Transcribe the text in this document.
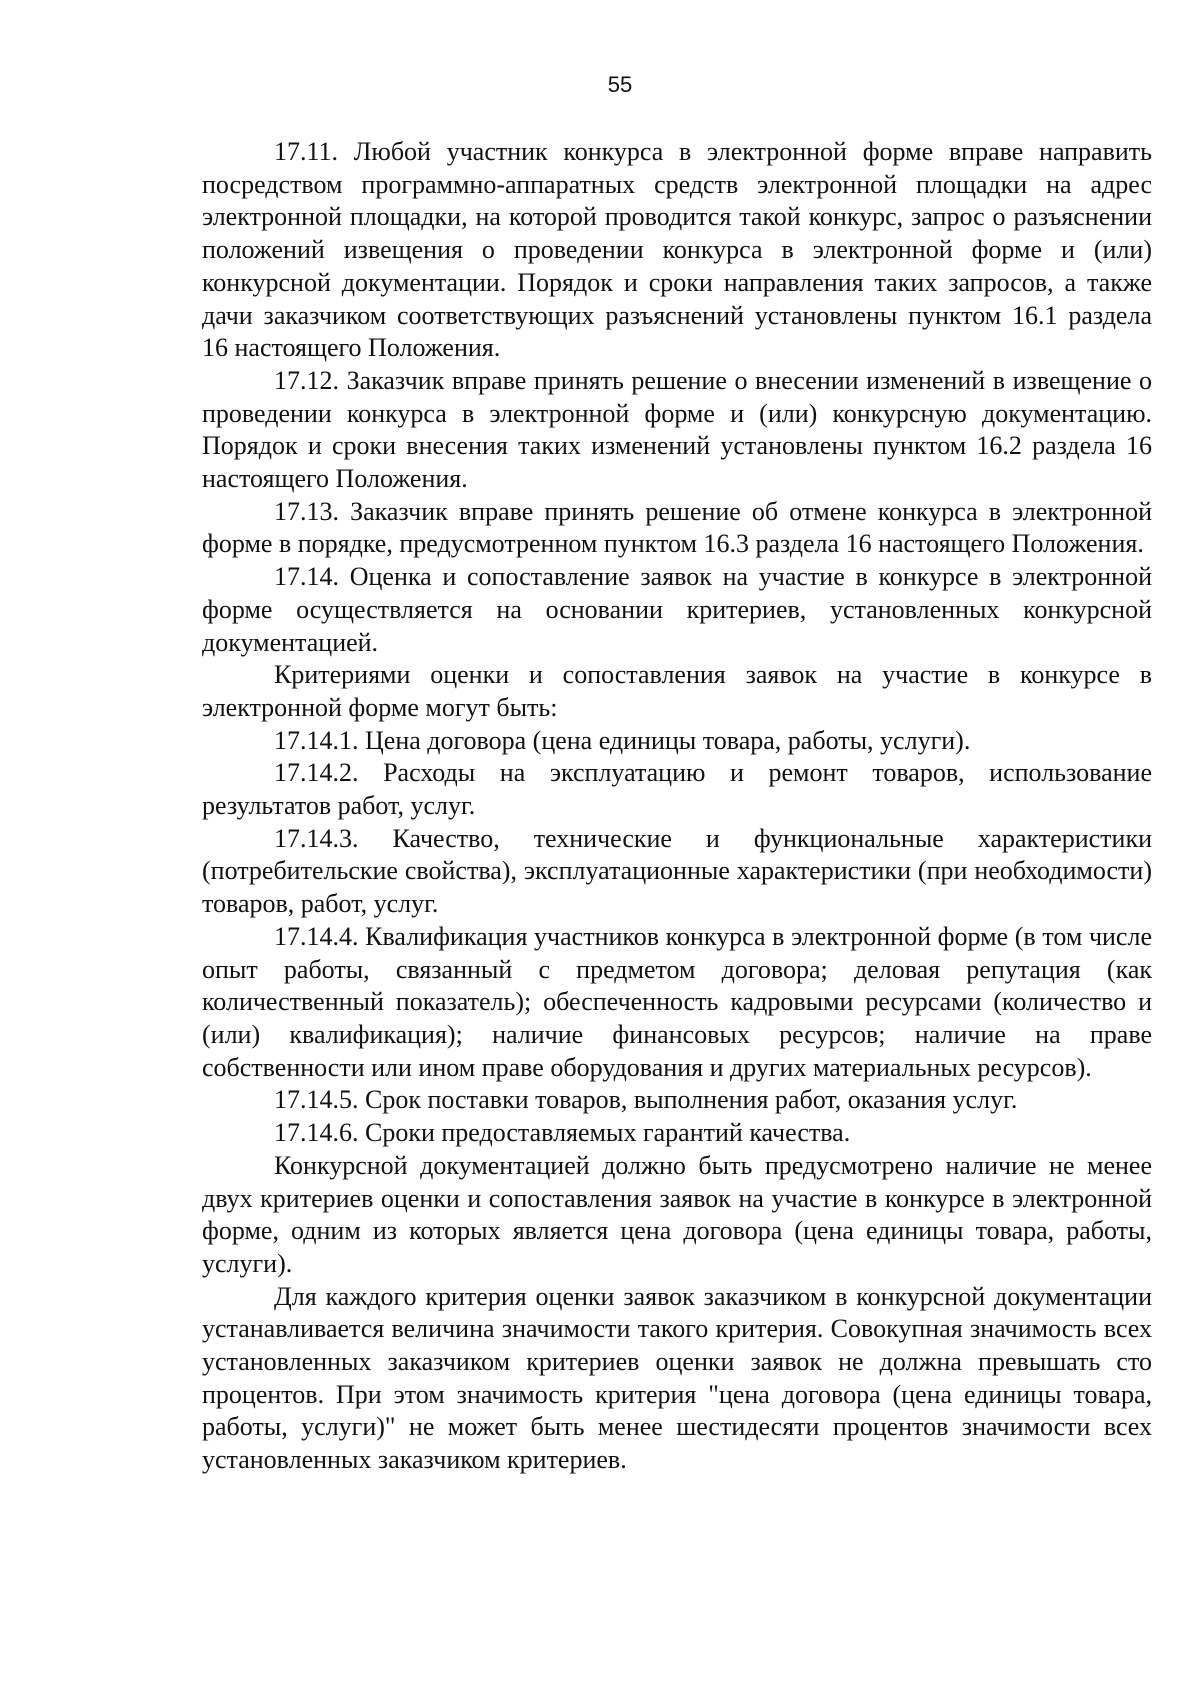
55

17.11. Любой участник конкурса в электронной форме вправе направить посредством программно-аппаратных средств электронной площадки на адрес электронной площадки, на которой проводится такой конкурс, запрос о разъяснении положений извещения о проведении конкурса в электронной форме и (или) конкурсной документации. Порядок и сроки направления таких запросов, а также дачи заказчиком соответствующих разъяснений установлены пунктом 16.1 раздела 16 настоящего Положения.

17.12. Заказчик вправе принять решение о внесении изменений в извещение о проведении конкурса в электронной форме и (или) конкурсную документацию. Порядок и сроки внесения таких изменений установлены пунктом 16.2 раздела 16 настоящего Положения.

17.13. Заказчик вправе принять решение об отмене конкурса в электронной форме в порядке, предусмотренном пунктом 16.3 раздела 16 настоящего Положения.

17.14. Оценка и сопоставление заявок на участие в конкурсе в электронной форме осуществляется на основании критериев, установленных конкурсной документацией.

Критериями оценки и сопоставления заявок на участие в конкурсе в электронной форме могут быть:

17.14.1. Цена договора (цена единицы товара, работы, услуги).

17.14.2. Расходы на эксплуатацию и ремонт товаров, использование результатов работ, услуг.

17.14.3. Качество, технические и функциональные характеристики (потребительские свойства), эксплуатационные характеристики (при необходимости) товаров, работ, услуг.

17.14.4. Квалификация участников конкурса в электронной форме (в том числе опыт работы, связанный с предметом договора; деловая репутация (как количественный показатель); обеспеченность кадровыми ресурсами (количество и (или) квалификация); наличие финансовых ресурсов; наличие на праве собственности или ином праве оборудования и других материальных ресурсов).

17.14.5. Срок поставки товаров, выполнения работ, оказания услуг.

17.14.6. Сроки предоставляемых гарантий качества.

Конкурсной документацией должно быть предусмотрено наличие не менее двух критериев оценки и сопоставления заявок на участие в конкурсе в электронной форме, одним из которых является цена договора (цена единицы товара, работы, услуги).

Для каждого критерия оценки заявок заказчиком в конкурсной документации устанавливается величина значимости такого критерия. Совокупная значимость всех установленных заказчиком критериев оценки заявок не должна превышать сто процентов. При этом значимость критерия "цена договора (цена единицы товара, работы, услуги)" не может быть менее шестидесяти процентов значимости всех установленных заказчиком критериев.
